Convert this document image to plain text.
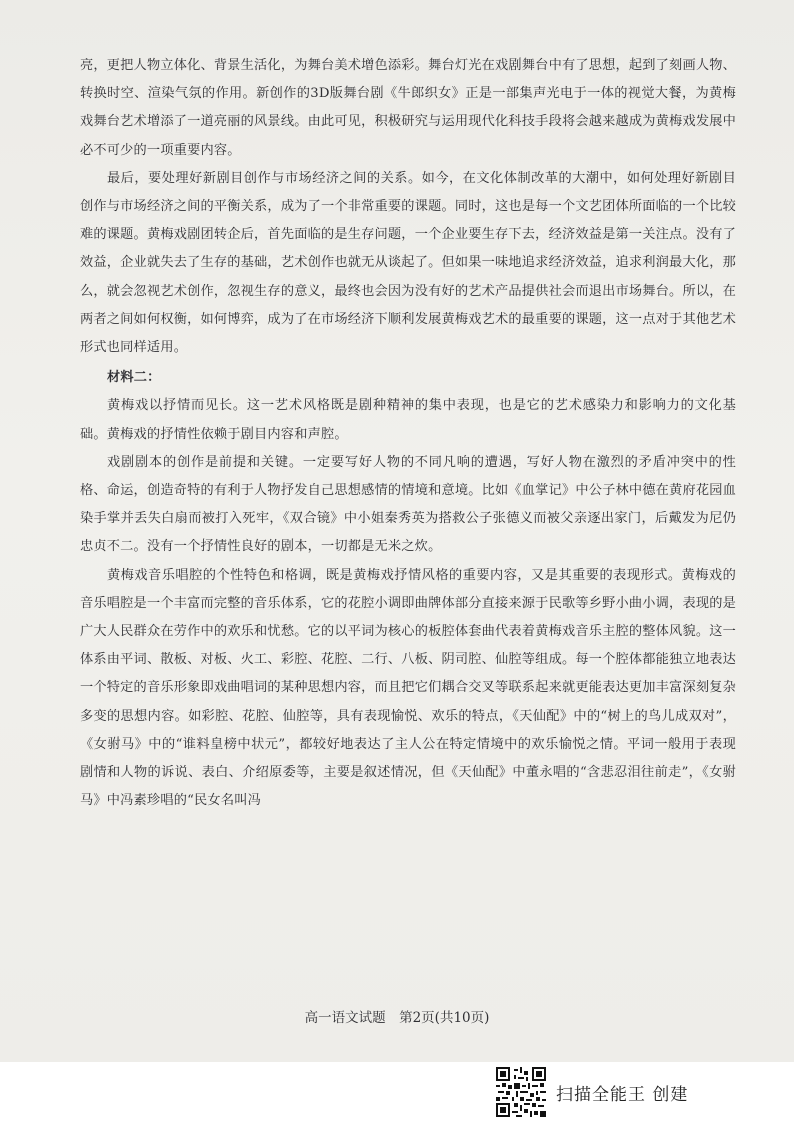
亮，更把人物立体化、背景生活化，为舞台美术增色添彩。舞台灯光在戏剧舞台中有了思想，起到了刻画人物、转换时空、渲染气氛的作用。新创作的3D版舞台剧《牛郎织女》正是一部集声光电于一体的视觉大餐，为黄梅戏舞台艺术增添了一道亮丽的风景线。由此可见，积极研究与运用现代化科技手段将会越来越成为黄梅戏发展中必不可少的一项重要内容。

最后，要处理好新剧目创作与市场经济之间的关系。如今，在文化体制改革的大潮中，如何处理好新剧目创作与市场经济之间的平衡关系，成为了一个非常重要的课题。同时，这也是每一个文艺团体所面临的一个比较难的课题。黄梅戏剧团转企后，首先面临的是生存问题，一个企业要生存下去，经济效益是第一关注点。没有了效益，企业就失去了生存的基础，艺术创作也就无从谈起了。但如果一味地追求经济效益，追求利润最大化，那么，就会忽视艺术创作，忽视生存的意义，最终也会因为没有好的艺术产品提供社会而退出市场舞台。所以，在两者之间如何权衡，如何博弈，成为了在市场经济下顺利发展黄梅戏艺术的最重要的课题，这一点对于其他艺术形式也同样适用。

材料二：

黄梅戏以抒情而见长。这一艺术风格既是剧种精神的集中表现，也是它的艺术感染力和影响力的文化基础。黄梅戏的抒情性依赖于剧目内容和声腔。

戏剧剧本的创作是前提和关键。一定要写好人物的不同凡响的遭遇，写好人物在激烈的矛盾冲突中的性格、命运，创造奇特的有利于人物抒发自己思想感情的情境和意境。比如《血掌记》中公子林中德在黄府花园血染手掌并丢失白扇而被打入死牢，《双合镜》中小姐秦秀英为搭救公子张德义而被父亲逐出家门，后戴发为尼仍忠贞不二。没有一个抒情性良好的剧本，一切都是无米之炊。

黄梅戏音乐唱腔的个性特色和格调，既是黄梅戏抒情风格的重要内容，又是其重要的表现形式。黄梅戏的音乐唱腔是一个丰富而完整的音乐体系，它的花腔小调即曲牌体部分直接来源于民歌等乡野小曲小调，表现的是广大人民群众在劳作中的欢乐和忧愁。它的以平词为核心的板腔体套曲代表着黄梅戏音乐主腔的整体风貌。这一体系由平词、散板、对板、火工、彩腔、花腔、二行、八板、阴司腔、仙腔等组成。每一个腔体都能独立地表达一个特定的音乐形象即戏曲唱词的某种思想内容，而且把它们耦合交叉等联系起来就更能表达更加丰富深刻复杂多变的思想内容。如彩腔、花腔、仙腔等，具有表现愉悦、欢乐的特点，《天仙配》中的“树上的鸟儿成双对”，《女驸马》中的“谁料皇榜中状元”，都较好地表达了主人公在特定情境中的欢乐愉悦之情。平词一般用于表现剧情和人物的诉说、表白、介绍原委等，主要是叙述情况，但《天仙配》中董永唱的“含悲忍泪往前走”，《女驸马》中冯素珍唱的“民女名叫冯

高一语文试题　第2页(共10页)
扫描全能王 创建
